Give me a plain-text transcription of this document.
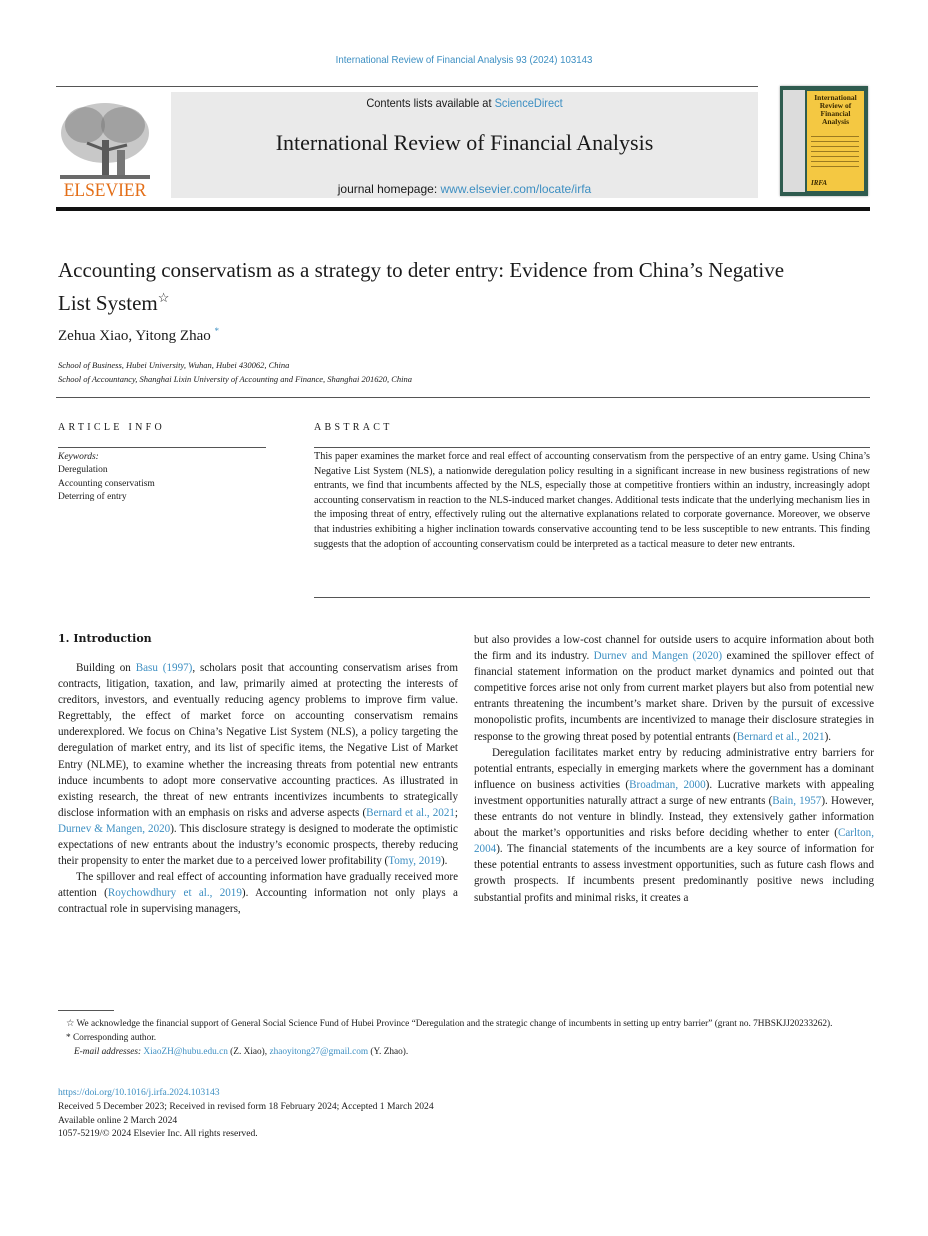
International Review of Financial Analysis 93 (2024) 103143
ELSEVIER
Contents lists available at ScienceDirect
International Review of Financial Analysis
journal homepage: www.elsevier.com/locate/irfa
International Review of Financial Analysis
IRFA
Accounting conservatism as a strategy to deter entry: Evidence from China’s Negative List System☆
Zehua Xiao, Yitong Zhao *
School of Business, Hubei University, Wuhan, Hubei 430062, China
School of Accountancy, Shanghai Lixin University of Accounting and Finance, Shanghai 201620, China
ARTICLE INFO	ABSTRACT
Keywords:
Deregulation
Accounting conservatism
Deterring of entry
This paper examines the market force and real effect of accounting conservatism from the perspective of an entry game. Using China’s Negative List System (NLS), a nationwide deregulation policy resulting in a significant increase in new business registrations of new entrants, we find that incumbents affected by the NLS, especially those at competitive frontiers within an industry, increasingly adopt accounting conservatism in reaction to the NLS-induced market changes. Additional tests indicate that the underlying mechanism lies in the imposing threat of entry, effectively ruling out the alternative explanations related to corporate governance. Moreover, we observe that industries exhibiting a higher inclination towards conservative accounting tend to be less susceptible to new entrants. This finding suggests that the adoption of accounting conservatism could be interpreted as a tactical measure to deter new entrants.
1. Introduction

Building on Basu (1997), scholars posit that accounting conservatism arises from contracts, litigation, taxation, and law, primarily aimed at protecting the interests of creditors, investors, and eventually reducing agency problems to improve firm value. Regrettably, the effect of market force on accounting conservatism remains underexplored. We focus on China’s Negative List System (NLS), a policy targeting the deregulation of market entry, and its list of specific items, the Negative List of Market Entry (NLME), to examine whether the increasing threats from potential new entrants induce incumbents to adopt more conservative accounting practices. As illustrated in existing research, the threat of new entrants incentivizes incumbents to strategically disclose information with an emphasis on risks and adverse aspects (Bernard et al., 2021; Durnev & Mangen, 2020). This disclosure strategy is designed to moderate the optimistic expectations of new entrants about the industry’s economic prospects, thereby reducing their propensity to enter the market due to a perceived lower profitability (Tomy, 2019).

The spillover and real effect of accounting information have gradually received more attention (Roychowdhury et al., 2019). Accounting information not only plays a contractual role in supervising managers,

but also provides a low-cost channel for outside users to acquire information about both the firm and its industry. Durnev and Mangen (2020) examined the spillover effect of financial statement information on the product market dynamics and pointed out that competitive forces arise not only from current market players but also from potential new entrants threatening the incumbent’s market share. Driven by the pursuit of excessive monopolistic profits, incumbents are incentivized to manage their disclosure strategies in response to the growing threat posed by potential entrants (Bernard et al., 2021).

Deregulation facilitates market entry by reducing administrative entry barriers for potential entrants, especially in emerging markets where the government has a dominant influence on business activities (Broadman, 2000). Lucrative markets with appealing investment opportunities naturally attract a surge of new entrants (Bain, 1957). However, these entrants do not venture in blindly. Instead, they extensively gather information about the market’s opportunities and risks before deciding whether to enter (Carlton, 2004). The financial statements of the incumbents are a key source of information for these potential entrants to assess investment opportunities, such as future cash flows and growth prospects. If incumbents present predominantly positive news including substantial profits and minimal risks, it creates a

☆ We acknowledge the financial support of General Social Science Fund of Hubei Province “Deregulation and the strategic change of incumbents in setting up entry barrier” (grant no. 7HBSKJJ20233262).
* Corresponding author.
E-mail addresses: XiaoZH@hubu.edu.cn (Z. Xiao), zhaoyitong27@gmail.com (Y. Zhao).
https://doi.org/10.1016/j.irfa.2024.103143
Received 5 December 2023; Received in revised form 18 February 2024; Accepted 1 March 2024
Available online 2 March 2024
1057-5219/© 2024 Elsevier Inc. All rights reserved.
